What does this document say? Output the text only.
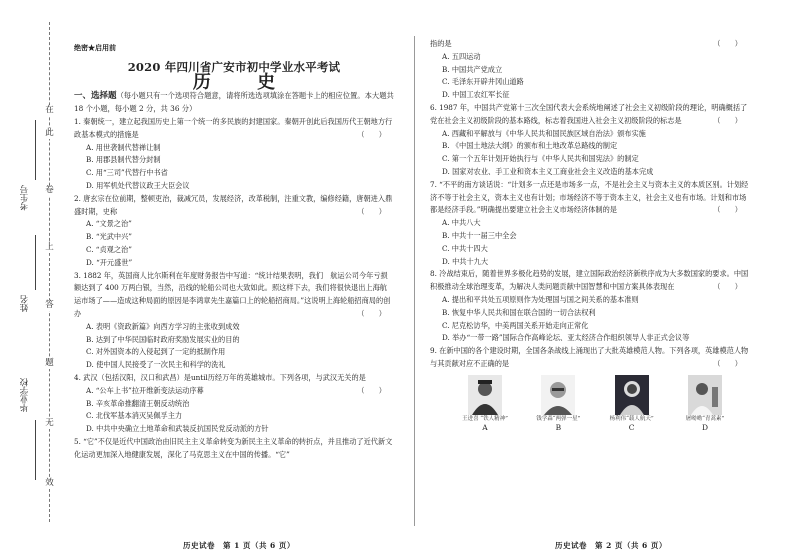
在
此
卷
上
答
题
无
效
考生号
姓名
毕业学校
绝密★启用前
2020 年四川省广安市初中学业水平考试
历 史
一、选择题（每小题只有一个选项符合题意，请将所选选项填涂在答题卡上的相应位置。本大题共 18 个小题，每小题 2 分，共 36 分）
1. 秦朝统一，建立起我国历史上第一个统一的多民族的封建国家。秦朝开创此后我国历代王朝地方行政基本模式的措施是	（　　）
A. 用世袭制代替禅让制
B. 用郡县制代替分封制
C. 用“三司”代替行中书省
D. 用军机处代替议政王大臣会议
2. 唐玄宗在位前期，整顿吏治，裁减冗员，发展经济，改革税制，注重文教，编修经籍，唐朝进入鼎盛时期，史称	（　　）
A. “文景之治”
B. “光武中兴”
C. “贞观之治”
D. “开元盛世”
3. 1882 年，英国商人比尔斯利在年度财务报告中写道：“统计结果表明，我们　航运公司今年亏损额达到了 400 万两白银，当然，沿线的轮船公司也大致如此。照这样下去，我们将很快退出上海航运市场了——造成这种局面的原因是李鸿章先生嘉篇口上的轮船招商局。”这说明上海轮船招商局的创办	（　　）
A. 表明《资政新篇》向西方学习的主张收到成效
B. 达到了中华民国临时政府奖励发展实业的目的
C. 对外国资本的入侵起到了一定的抵制作用
D. 使中国人民接受了一次民主和科学的洗礼
4. 武汉（包括汉阳，汉口和武昌）是until历经万年的英雄城市。下列各项，与武汉无关的是
（　　）
A. “公车上书”拉开维新变法运动序幕
B. 辛亥革命推翻清王朝反动统治
C. 北伐军基本消灭吴佩孚主力
D. 中共中央确立土地革命和武装反抗国民党反动派的方针
5. “它”不仅是近代中国政治由旧民主主义革命转变为新民主主义革命的转折点，并且推动了近代新文化运动更加深入地健康发展，深化了马克思主义在中国的传播。“它”
指的是	（　　）
A. 五四运动
B. 中国共产党成立
C. 毛泽东开辟井冈山道路
D. 中国工农红军长征
6. 1987 年，中国共产党第十三次全国代表大会系统地阐述了社会主义初级阶段的理论，明确概括了党在社会主义初级阶段的基本路线，标志着我国进入社会主义初级阶段的标志是	（　　）
A. 西藏和平解放与《中华人民共和国民族区域自治法》颁布实施
B. 《中国土地法大纲》的颁布和土地改革总路线的制定
C. 第一个五年计划开始执行与《中华人民共和国宪法》的制定
D. 国家对农业、手工业和资本主义工商业社会主义改造的基本完成
7. “不平的南方谈话说：“计划多一点还是市场多一点，不是社会主义与资本主义的本质区别。计划经济不等于社会主义，资本主义也有计划；市场经济不等于资本主义，社会主义也有市场。计划和市场都是经济手段。”明确提出要建立社会主义市场经济体制的是	（　　）
A. 中共八大
B. 中共十一届三中全会
C. 中共十四大
D. 中共十九大
8. 冷战结束后，随着世界多极化趋势的发展，建立国际政治经济新秩序成为大多数国家的要求。中国积极推动全球治理变革，为解决人类问题贡献中国智慧和中国方案具体表现在	（　　）
A. 提出和平共处五项原则作为处理国与国之间关系的基本准则
B. 恢复中华人民共和国在联合国的一切合法权利
C. 尼克松访华，中美两国关系开始走向正常化
D. 举办“一带一路”国际合作高峰论坛、亚太经济合作组织领导人非正式会议等
9. 在新中国的各个建设时期，全国各条战线上涌现出了大批英雄模范人物。下列各项，英雄模范人物与其贡献对应不正确的是	（　　）
王进喜 “铁人精神”
A
钱学森“两弹一星”
B
杨利伟“载人航天”
C
屠呦呦“青蒿素”
D
历史试卷　第 1 页（共 6 页）	历史试卷　第 2 页（共 6 页）
